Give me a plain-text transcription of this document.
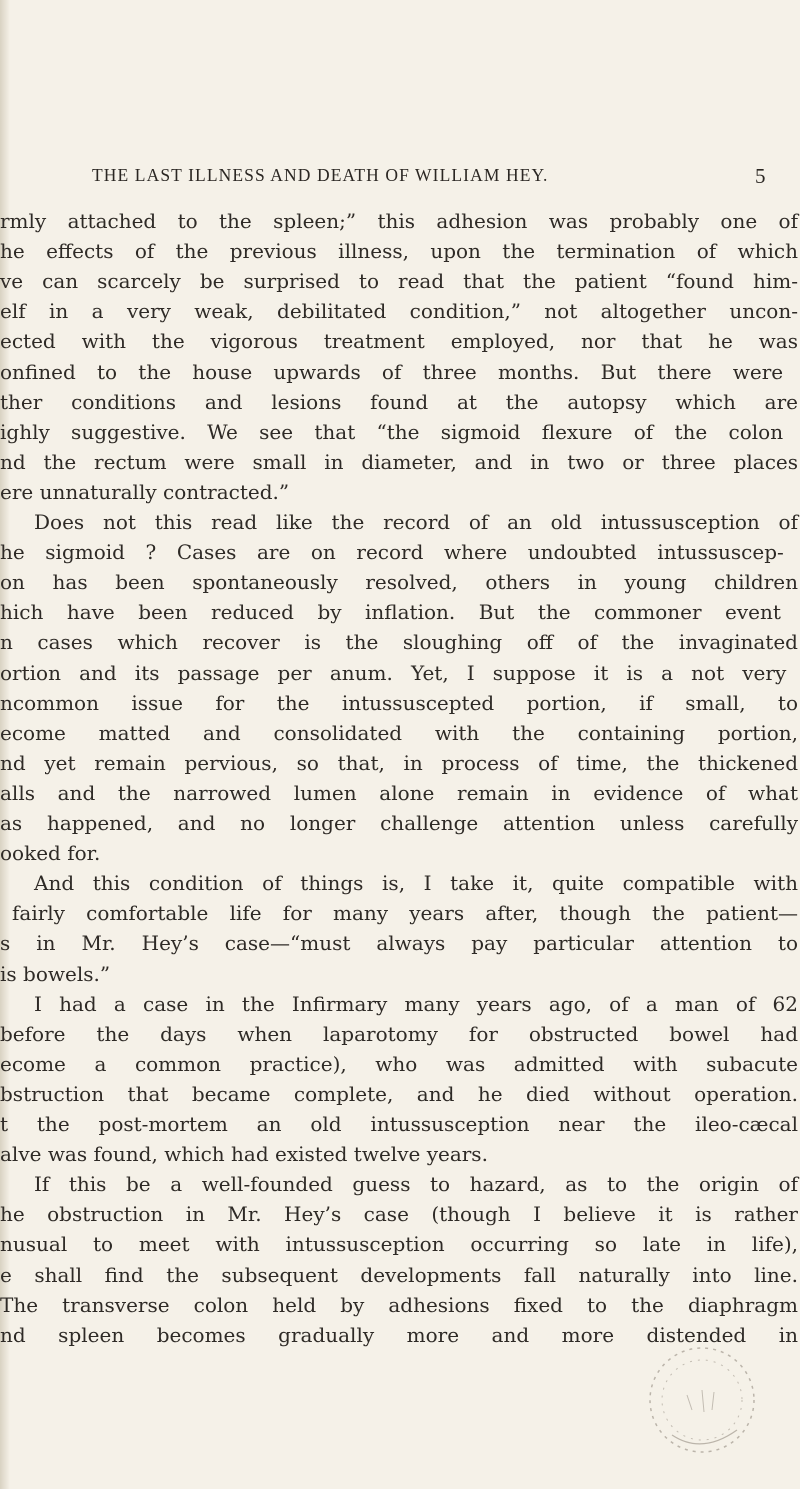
THE LAST ILLNESS AND DEATH OF WILLIAM HEY.	5
rmly attached to the spleen;” this adhesion was probably one of
he effects of the previous illness, upon the termination of which
ve can scarcely be surprised to read that the patient “found him-
elf in a very weak, debilitated condition,” not altogether uncon-
ected with the vigorous treatment employed, nor that he was
onfined to the house upwards of three months. But there were
ther conditions and lesions found at the autopsy which are
ighly suggestive. We see that “the sigmoid flexure of the colon
nd the rectum were small in diameter, and in two or three places
ere unnaturally contracted.”
Does not this read like the record of an old intussusception of
he sigmoid ? Cases are on record where undoubted intussuscep-
on has been spontaneously resolved, others in young children
hich have been reduced by inflation. But the commoner event
n cases which recover is the sloughing off of the invaginated
ortion and its passage per anum. Yet, I suppose it is a not very
ncommon issue for the intussuscepted portion, if small, to
ecome matted and consolidated with the containing portion,
nd yet remain pervious, so that, in process of time, the thickened
alls and the narrowed lumen alone remain in evidence of what
as happened, and no longer challenge attention unless carefully
ooked for.
And this condition of things is, I take it, quite compatible with
fairly comfortable life for many years after, though the patient—
s in Mr. Hey’s case—“must always pay particular attention to
is bowels.”
I had a case in the Infirmary many years ago, of a man of 62
before the days when laparotomy for obstructed bowel had
ecome a common practice), who was admitted with subacute
bstruction that became complete, and he died without operation.
t the post-mortem an old intussusception near the ileo-cæcal
alve was found, which had existed twelve years.
If this be a well-founded guess to hazard, as to the origin of
he obstruction in Mr. Hey’s case (though I believe it is rather
nusual to meet with intussusception occurring so late in life),
e shall find the subsequent developments fall naturally into line.
The transverse colon held by adhesions fixed to the diaphragm
nd spleen becomes gradually more and more distended in
